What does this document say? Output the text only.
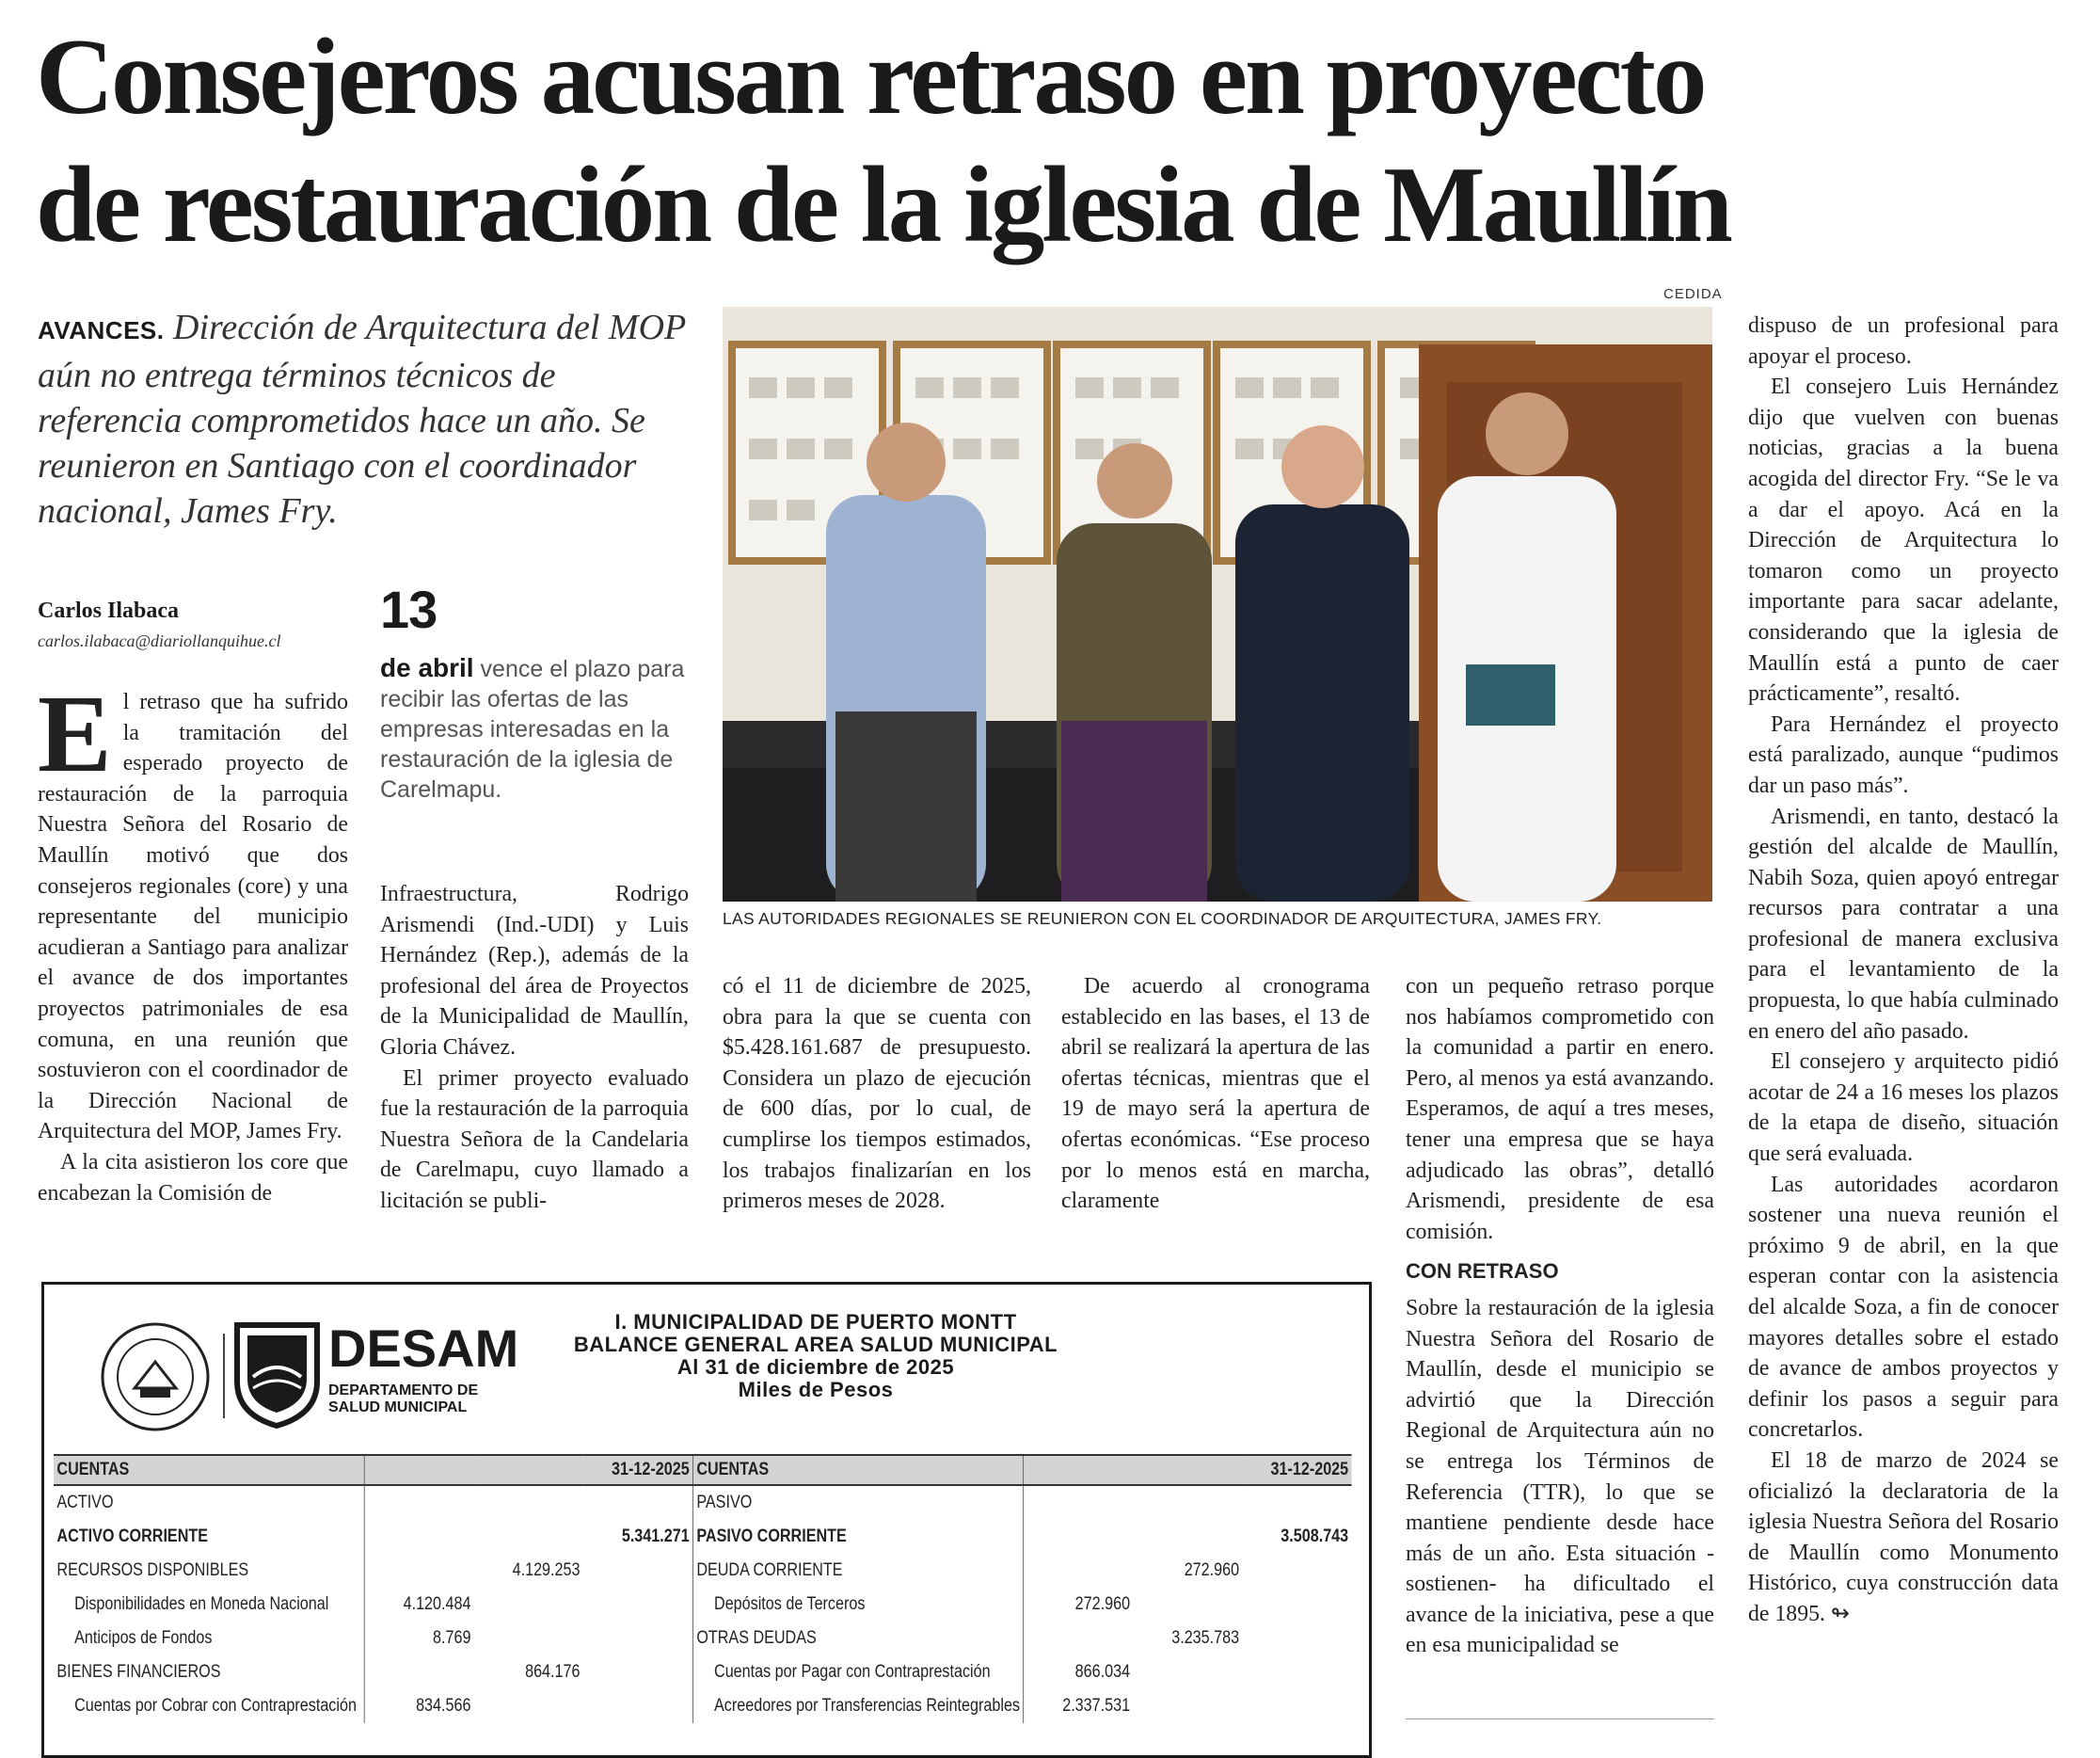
Consejeros acusan retraso en proyecto
de restauración de la iglesia de Maullín
CEDIDA
AVANCES. Dirección de Arquitectura del MOP aún no entrega términos técnicos de referencia comprometidos hace un año. Se reunieron en Santiago con el coordinador nacional, James Fry.
Carlos Ilabaca
carlos.ilabaca@diariollanquihue.cl
13
de abril vence el plazo para recibir las ofertas de las empresas interesadas en la restauración de la iglesia de Carelmapu.
LAS AUTORIDADES REGIONALES SE REUNIERON CON EL COORDINADOR DE ARQUITECTURA, JAMES FRY.

El retraso que ha sufrido la tramitación del esperado proyecto de restauración de la parroquia Nuestra Señora del Rosario de Maullín motivó que dos consejeros regionales (core) y una representante del municipio acudieran a Santiago para analizar el avance de dos importantes proyectos patrimoniales de esa comuna, en una reunión que sostuvieron con el coordinador de la Dirección Nacional de Arquitectura del MOP, James Fry.

A la cita asistieron los core que encabezan la Comisión de

Infraestructura, Rodrigo Arismendi (Ind.-UDI) y Luis Hernández (Rep.), además de la profesional del área de Proyectos de la Municipalidad de Maullín, Gloria Chávez.

El primer proyecto evaluado fue la restauración de la parroquia Nuestra Señora de la Candelaria de Carelmapu, cuyo llamado a licitación se publi-

có el 11 de diciembre de 2025, obra para la que se cuenta con $5.428.161.687 de presupuesto. Considera un plazo de ejecución de 600 días, por lo cual, de cumplirse los tiempos estimados, los trabajos finalizarían en los primeros meses de 2028.

De acuerdo al cronograma establecido en las bases, el 13 de abril se realizará la apertura de las ofertas técnicas, mientras que el 19 de mayo será la apertura de ofertas económicas. “Ese proceso por lo menos está en marcha, claramente

con un pequeño retraso porque nos habíamos comprometido con la comunidad a partir en enero. Pero, al menos ya está avanzando. Esperamos, de aquí a tres meses, tener una empresa que se haya adjudicado las obras”, detalló Arismendi, presidente de esa comisión.

CON RETRASO

Sobre la restauración de la iglesia Nuestra Señora del Rosario de Maullín, desde el municipio se advirtió que la Dirección Regional de Arquitectura aún no se entrega los Términos de Referencia (TTR), lo que se mantiene pendiente desde hace más de un año. Esta situación -sostienen- ha dificultado el avance de la iniciativa, pese a que en esa municipalidad se

dispuso de un profesional para apoyar el proceso.

El consejero Luis Hernández dijo que vuelven con buenas noticias, gracias a la buena acogida del director Fry. “Se le va a dar el apoyo. Acá en la Dirección de Arquitectura lo tomaron como un proyecto importante para sacar adelante, considerando que la iglesia de Maullín está a punto de caer prácticamente”, resaltó.

Para Hernández el proyecto está paralizado, aunque “pudimos dar un paso más”.

Arismendi, en tanto, destacó la gestión del alcalde de Maullín, Nabih Soza, quien apoyó entregar recursos para contratar a una profesional de manera exclusiva para el levantamiento de la propuesta, lo que había culminado en enero del año pasado.

El consejero y arquitecto pidió acotar de 24 a 16 meses los plazos de la etapa de diseño, situación que será evaluada.

Las autoridades acordaron sostener una nueva reunión el próximo 9 de abril, en la que esperan contar con la asistencia del alcalde Soza, a fin de conocer mayores detalles sobre el estado de avance de ambos proyectos y definir los pasos a seguir para concretarlos.

El 18 de marzo de 2024 se oficializó la declaratoria de la iglesia Nuestra Señora del Rosario de Maullín como Monumento Histórico, cuya construcción data de 1895. ↬

DESAM
DEPARTAMENTO DE
SALUD MUNICIPAL
I. MUNICIPALIDAD DE PUERTO MONTT
BALANCE GENERAL AREA SALUD MUNICIPAL
Al 31 de diciembre de 2025
Miles de Pesos
CUENTAS	31-12-2025			CUENTAS	31-12-2025		
ACTIVO				PASIVO			
ACTIVO CORRIENTE			5.341.271	PASIVO CORRIENTE			3.508.743
RECURSOS DISPONIBLES		4.129.253		DEUDA CORRIENTE		272.960	
Disponibilidades en Moneda Nacional	4.120.484			Depósitos de Terceros	272.960		
Anticipos de Fondos	8.769			OTRAS DEUDAS		3.235.783	
BIENES FINANCIEROS		864.176		Cuentas por Pagar con Contraprestación	866.034		
Cuentas por Cobrar con Contraprestación	834.566			Acreedores por Transferencias Reintegrables	2.337.531		
